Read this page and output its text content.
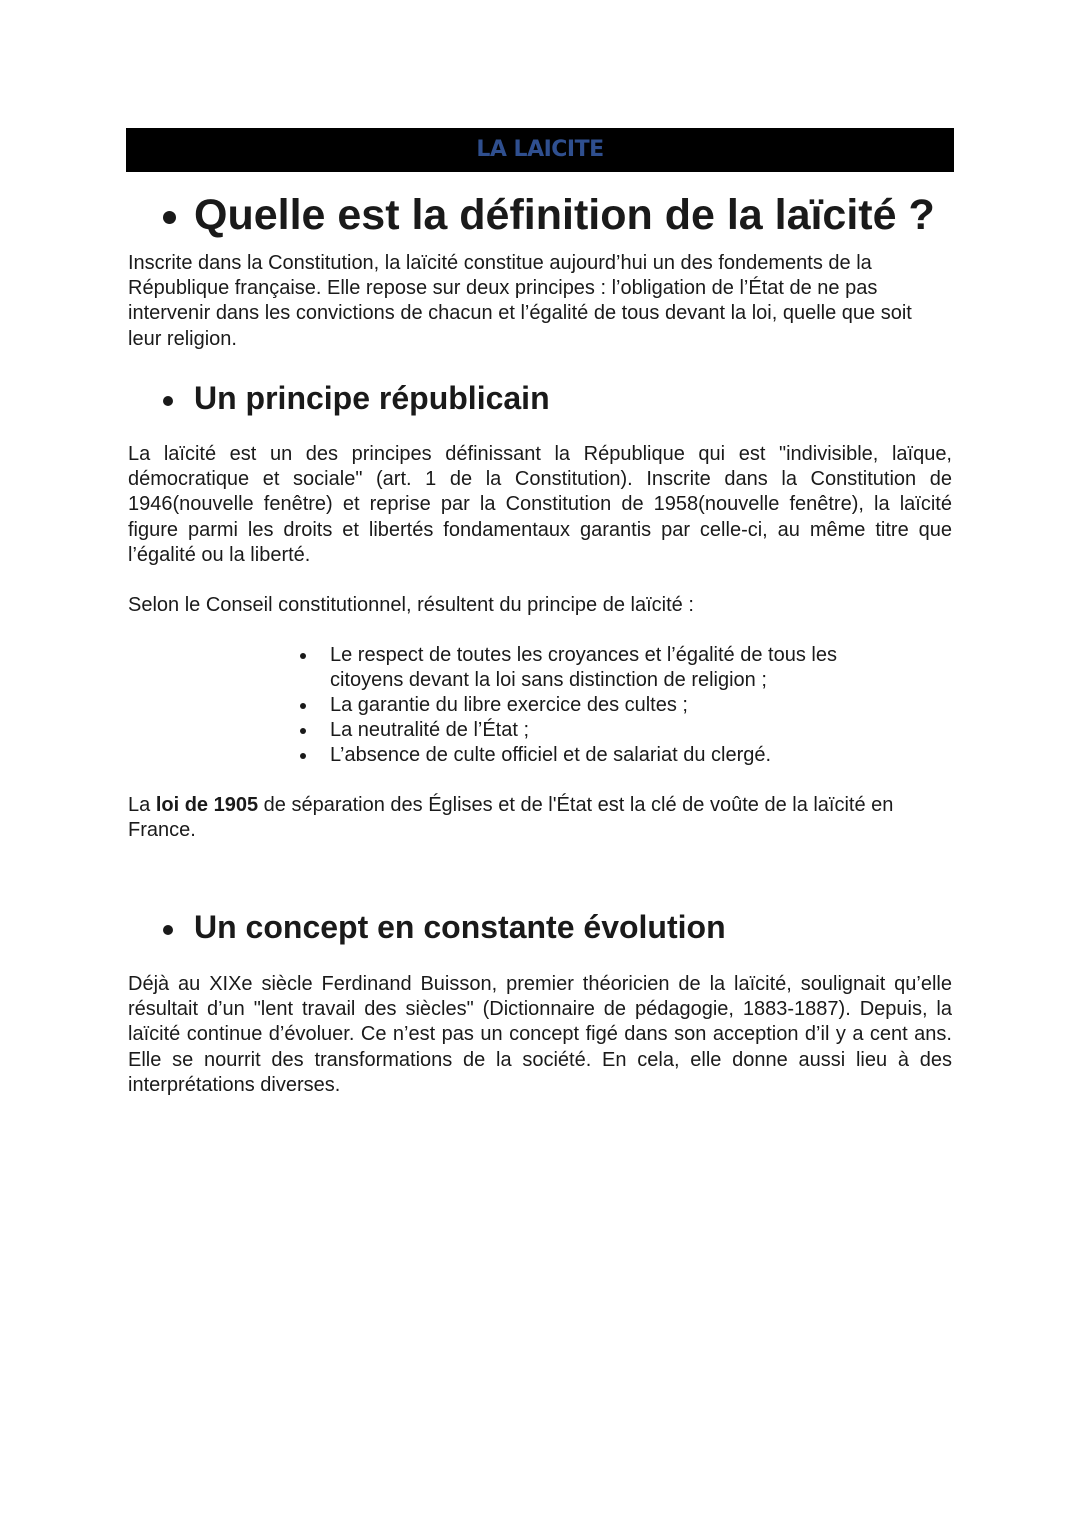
LA LAICITE
Quelle est la définition de la laïcité ?
Inscrite dans la Constitution, la laïcité constitue aujourd’hui un des fondements de la République française. Elle repose sur deux principes : l’obligation de l’État de ne pas intervenir dans les convictions de chacun et l’égalité de tous devant la loi, quelle que soit leur religion.
Un principe républicain
La laïcité est un des principes définissant la République qui est "indivisible, laïque, démocratique et sociale" (art. 1 de la Constitution). Inscrite dans la Constitution de 1946(nouvelle fenêtre) et reprise par la Constitution de 1958(nouvelle fenêtre), la laïcité figure parmi les droits et libertés fondamentaux garantis par celle-ci, au même titre que l’égalité ou la liberté.
Selon le Conseil constitutionnel, résultent du principe de laïcité :
Le respect de toutes les croyances et l’égalité de tous les citoyens devant la loi sans distinction de religion ;
La garantie du libre exercice des cultes ;
La neutralité de l’État ;
L’absence de culte officiel et de salariat du clergé.
La loi de 1905 de séparation des Églises et de l'État est la clé de voûte de la laïcité en France.
Un concept en constante évolution
Déjà au XIXe siècle Ferdinand Buisson, premier théoricien de la laïcité, soulignait qu’elle résultait d’un "lent travail des siècles" (Dictionnaire de pédagogie, 1883-1887). Depuis, la laïcité continue d’évoluer. Ce n’est pas un concept figé dans son acception d’il y a cent ans. Elle se nourrit des transformations de la société. En cela, elle donne aussi lieu à des interprétations diverses.
